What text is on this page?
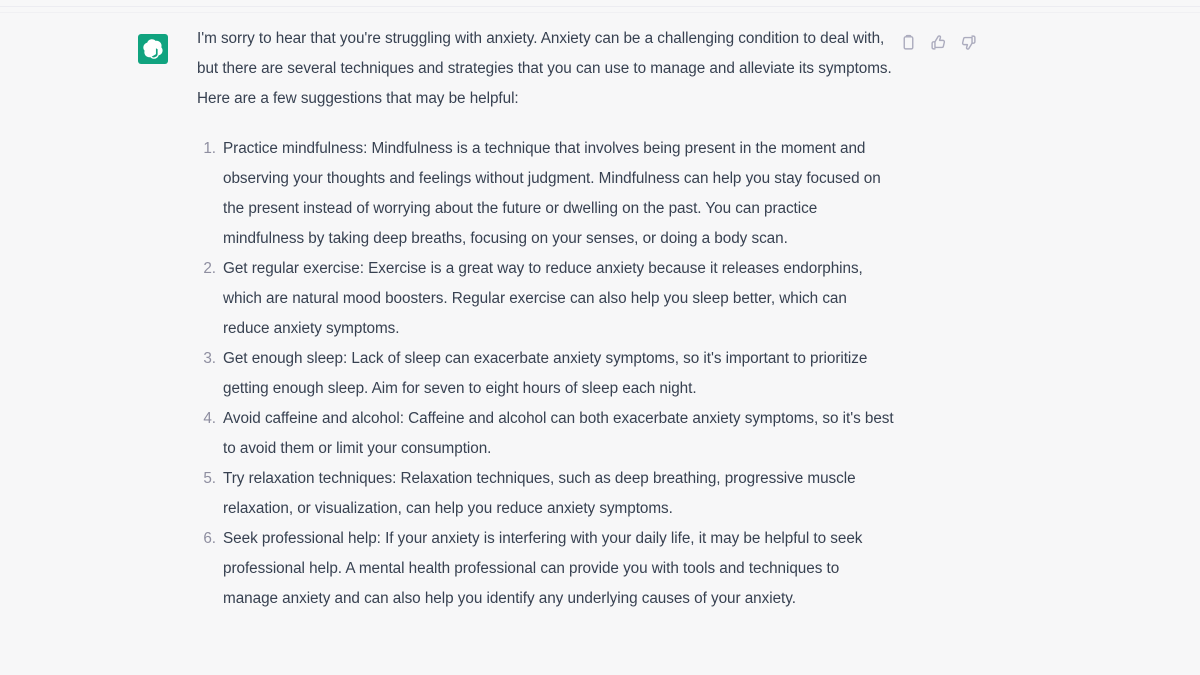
I'm sorry to hear that you're struggling with anxiety. Anxiety can be a challenging condition to deal with, but there are several techniques and strategies that you can use to manage and alleviate its symptoms. Here are a few suggestions that may be helpful:

Practice mindfulness: Mindfulness is a technique that involves being present in the moment and observing your thoughts and feelings without judgment. Mindfulness can help you stay focused on the present instead of worrying about the future or dwelling on the past. You can practice mindfulness by taking deep breaths, focusing on your senses, or doing a body scan.
Get regular exercise: Exercise is a great way to reduce anxiety because it releases endorphins, which are natural mood boosters. Regular exercise can also help you sleep better, which can reduce anxiety symptoms.
Get enough sleep: Lack of sleep can exacerbate anxiety symptoms, so it's important to prioritize getting enough sleep. Aim for seven to eight hours of sleep each night.
Avoid caffeine and alcohol: Caffeine and alcohol can both exacerbate anxiety symptoms, so it's best to avoid them or limit your consumption.
Try relaxation techniques: Relaxation techniques, such as deep breathing, progressive muscle relaxation, or visualization, can help you reduce anxiety symptoms.
Seek professional help: If your anxiety is interfering with your daily life, it may be helpful to seek professional help. A mental health professional can provide you with tools and techniques to manage anxiety and can also help you identify any underlying causes of your anxiety.
